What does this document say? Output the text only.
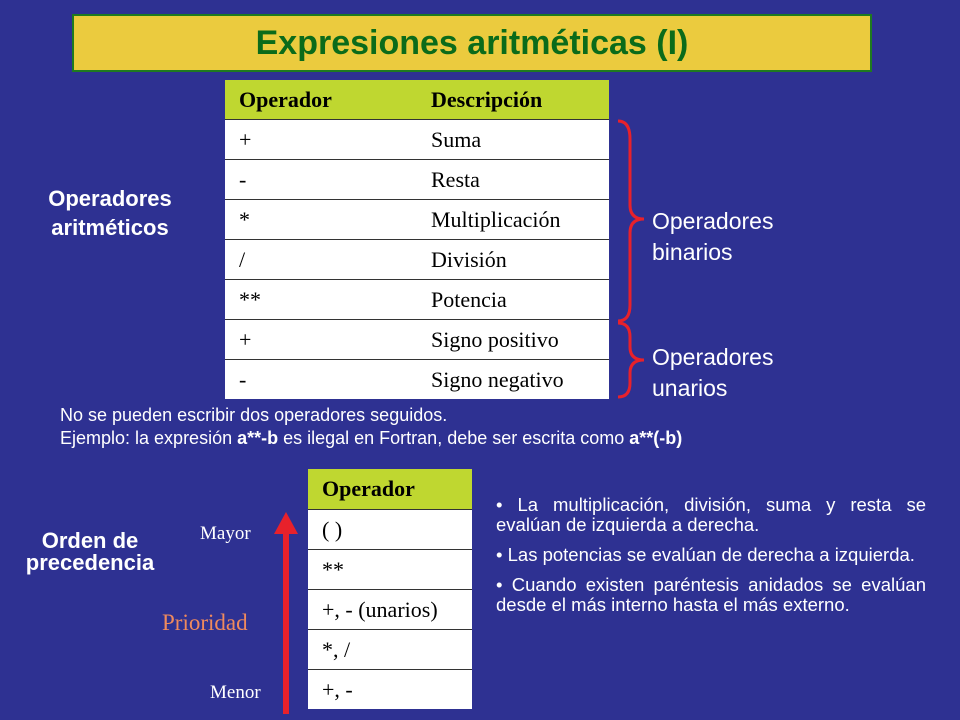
Expresiones aritméticas (I)
Operadores
aritméticos
Operador	Descripción
+	Suma
-	Resta
*	Multiplicación
/	División
**	Potencia
+	Signo positivo
-	Signo negativo
Operadores
binarios
Operadores
unarios
No se pueden escribir dos operadores seguidos.
Ejemplo: la expresión a**-b es ilegal en Fortran, debe ser escrita como a**(-b)
Orden de
precedencia
Mayor
Prioridad
Menor
Operador
( )
**
+, - (unarios)
*, /
+, -

• La multiplicación, división, suma y resta se evalúan de izquierda a derecha.

• Las potencias se evalúan de derecha a izquierda.

• Cuando existen paréntesis anidados se evalúan desde el más interno hasta el más externo.
